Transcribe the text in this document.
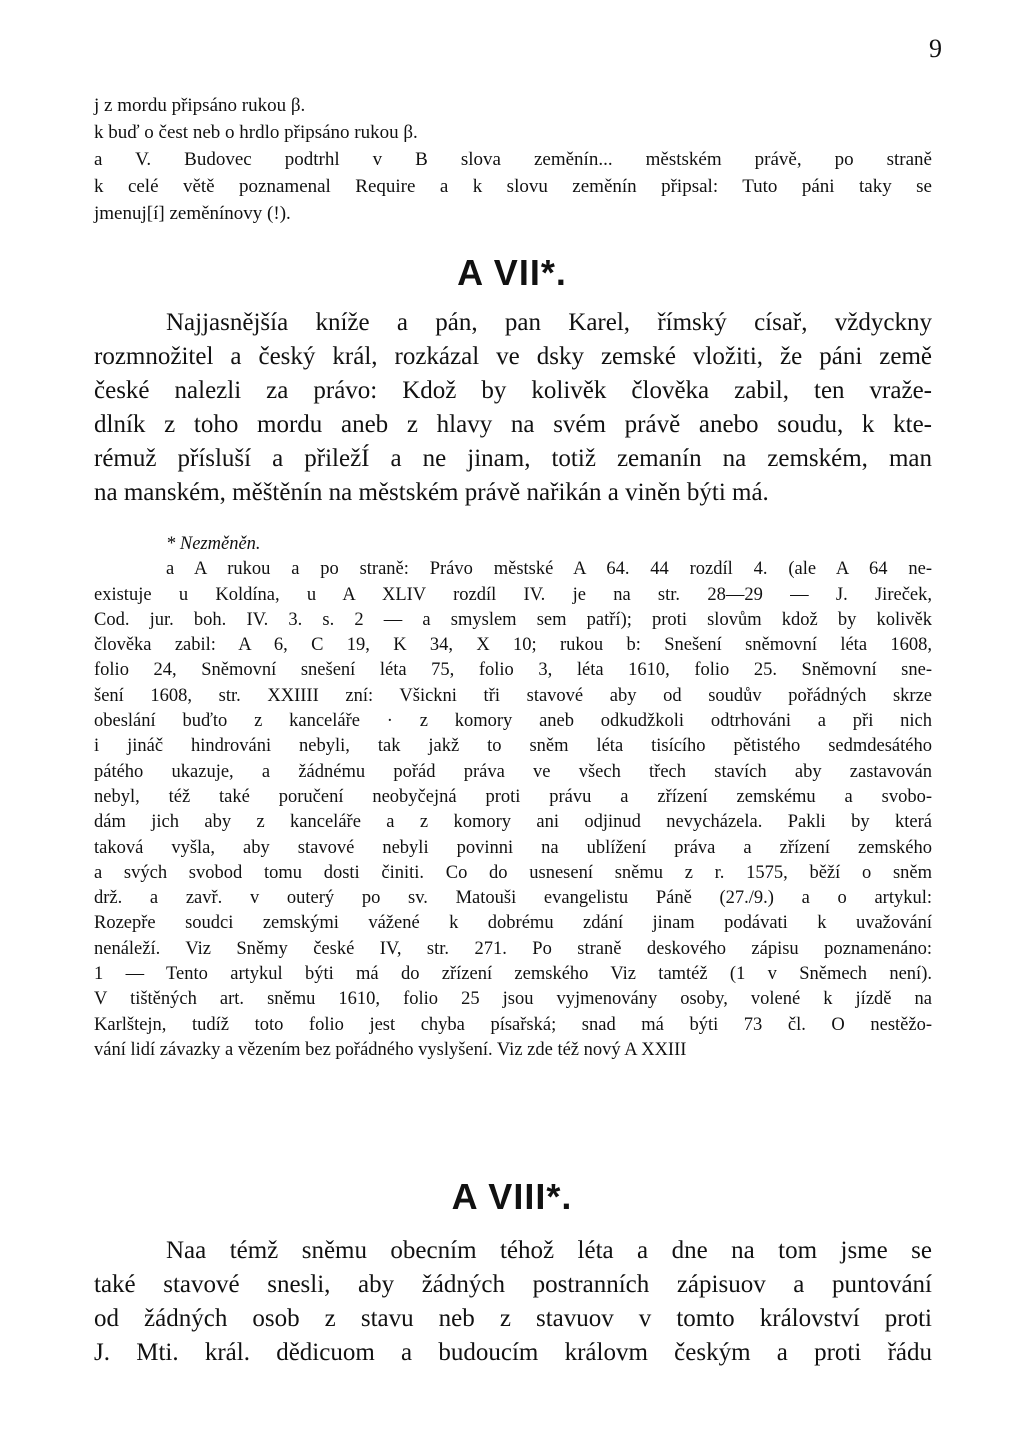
9
j z mordu připsáno rukou β.
k buď o čest neb o hrdlo připsáno rukou β.
a V. Budovec podtrhl v B slova zeměnín... městském právě, po straně
k celé větě poznamenal Require a k slovu zeměnín připsal: Tuto páni taky se
jmenuj[í] zeměnínovy (!).
A VII*.
Najjasnějšía kníže a pán, pan Karel, římský císař, vždyckny
rozmnožitel a český král, rozkázal ve dsky zemské vložiti, že páni země
české nalezli za právo: Kdož by kolivěk člověka zabil, ten vraže-
dlník z toho mordu aneb z hlavy na svém právě anebo soudu, k kte-
rémuž přísluší a přiležÍ a ne jinam, totiž zemanín na zemském, man
na manském, měštěnín na městském právě nařikán a viněn býti má.
* Nezměněn.
a A rukou a po straně: Právo městské A 64. 44 rozdíl 4. (ale A 64 ne-
existuje u Koldína, u A XLIV rozdíl IV. je na str. 28—29 — J. Jireček,
Cod. jur. boh. IV. 3. s. 2 — a smyslem sem patří); proti slovům kdož by kolivěk
člověka zabil: A 6, C 19, K 34, X 10; rukou b: Snešení sněmovní léta 1608,
folio 24, Sněmovní snešení léta 75, folio 3, léta 1610, folio 25. Sněmovní sne-
šení 1608, str. XXIIII zní: Všickni tři stavové aby od soudův pořádných skrze
obeslání buďto z kanceláře · z komory aneb odkudžkoli odtrhováni a při nich
i jináč hindrováni nebyli, tak jakž to sněm léta tisícího pětistého sedmdesátého
pátého ukazuje, a žádnému pořád práva ve všech třech stavích aby zastavován
nebyl, též také poručení neobyčejná proti právu a zřízení zemskému a svobo-
dám jich aby z kanceláře a z komory ani odjinud nevycházela. Pakli by která
taková vyšla, aby stavové nebyli povinni na ublížení práva a zřízení zemského
a svých svobod tomu dosti činiti. Co do usnesení sněmu z r. 1575, běží o sněm
drž. a zavř. v outerý po sv. Matouši evangelistu Páně (27./9.) a o artykul:
Rozepře soudci zemskými vážené k dobrému zdání jinam podávati k uvažování
nenáleží. Viz Sněmy české IV, str. 271. Po straně deskového zápisu poznamenáno:
1 — Tento artykul býti má do zřízení zemského Viz tamtéž (1 v Sněmech není).
V tištěných art. sněmu 1610, folio 25 jsou vyjmenovány osoby, volené k jízdě na
Karlštejn, tudíž toto folio jest chyba písařská; snad má býti 73 čl. O nestěžo-
vání lidí závazky a vězením bez pořádného vyslyšení. Viz zde též nový A XXIII
A VIII*.
Naa témž sněmu obecním téhož léta a dne na tom jsme se
také stavové snesli, aby žádných postranních zápisuov a puntování
od žádných osob z stavu neb z stavuov v tomto království proti
J. Mti. král. dědicuom a budoucím královm českým a proti řádu
